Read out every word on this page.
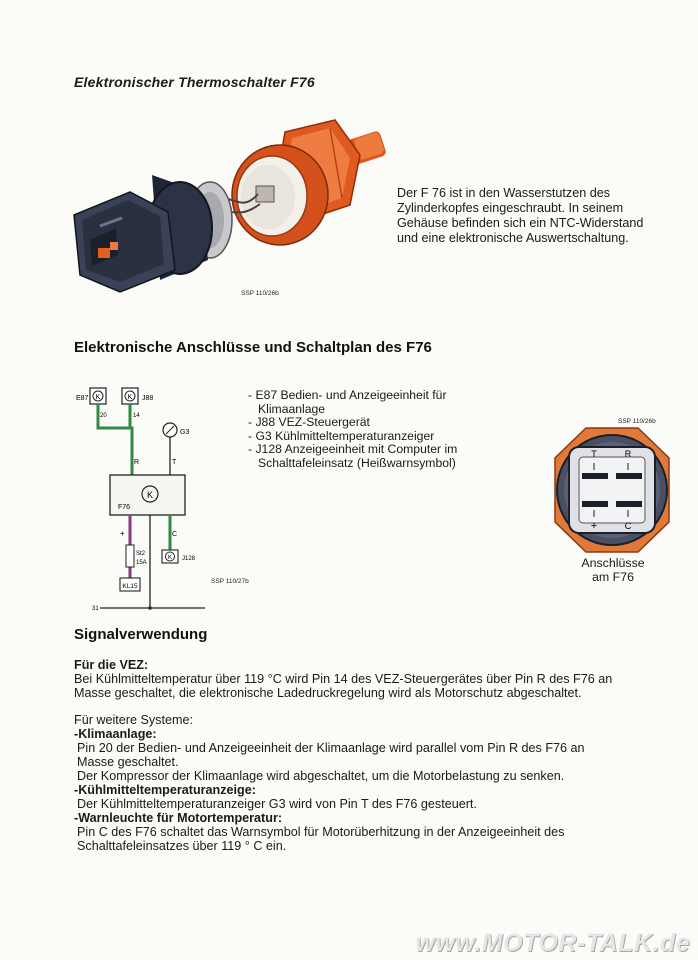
Elektronischer Thermoschalter F76
SSP 110/26b
Der F 76 ist in den Wasserstutzen des
Zylinderkopfes eingeschraubt. In seinem
Gehäuse befinden sich ein NTC-Widerstand
und eine elektronische Auswertschaltung.
Elektronische Anschlüsse und Schaltplan des F76
K
E87	K J88
20	14
R
G3
T
K
F76
+	C
St2
15A
K J128
KL15
31
SSP 110/27b
- E87 Bedien- und Anzeigeeinheit für
Klimaanlage
- J88 VEZ-Steuergerät
- G3 Kühlmitteltemperaturanzeiger
- J128 Anzeigeeinheit mit Computer im
Schalttafeleinsatz (Heißwarnsymbol)
SSP 110/26b
T	R
+	C
Anschlüsse
am F76
Signalverwendung
Für die VEZ:
Bei Kühlmitteltemperatur über 119 °C wird Pin 14 des VEZ-Steuergerätes über Pin R des F76 an
Masse geschaltet, die elektronische Ladedruckregelung wird als Motorschutz abgeschaltet.
Für weitere Systeme:
-Klimaanlage:
Pin 20 der Bedien- und Anzeigeeinheit der Klimaanlage wird parallel vom Pin R des F76 an
Masse geschaltet.
Der Kompressor der Klimaanlage wird abgeschaltet, um die Motorbelastung zu senken.
-Kühlmitteltemperaturanzeige:
Der Kühlmitteltemperaturanzeiger G3 wird von Pin T des F76 gesteuert.
-Warnleuchte für Motortemperatur:
Pin C des F76 schaltet das Warnsymbol für Motorüberhitzung in der Anzeigeeinheit des
Schalttafeleinsatzes über 119 ° C ein.
www.MOTOR-TALK.de
